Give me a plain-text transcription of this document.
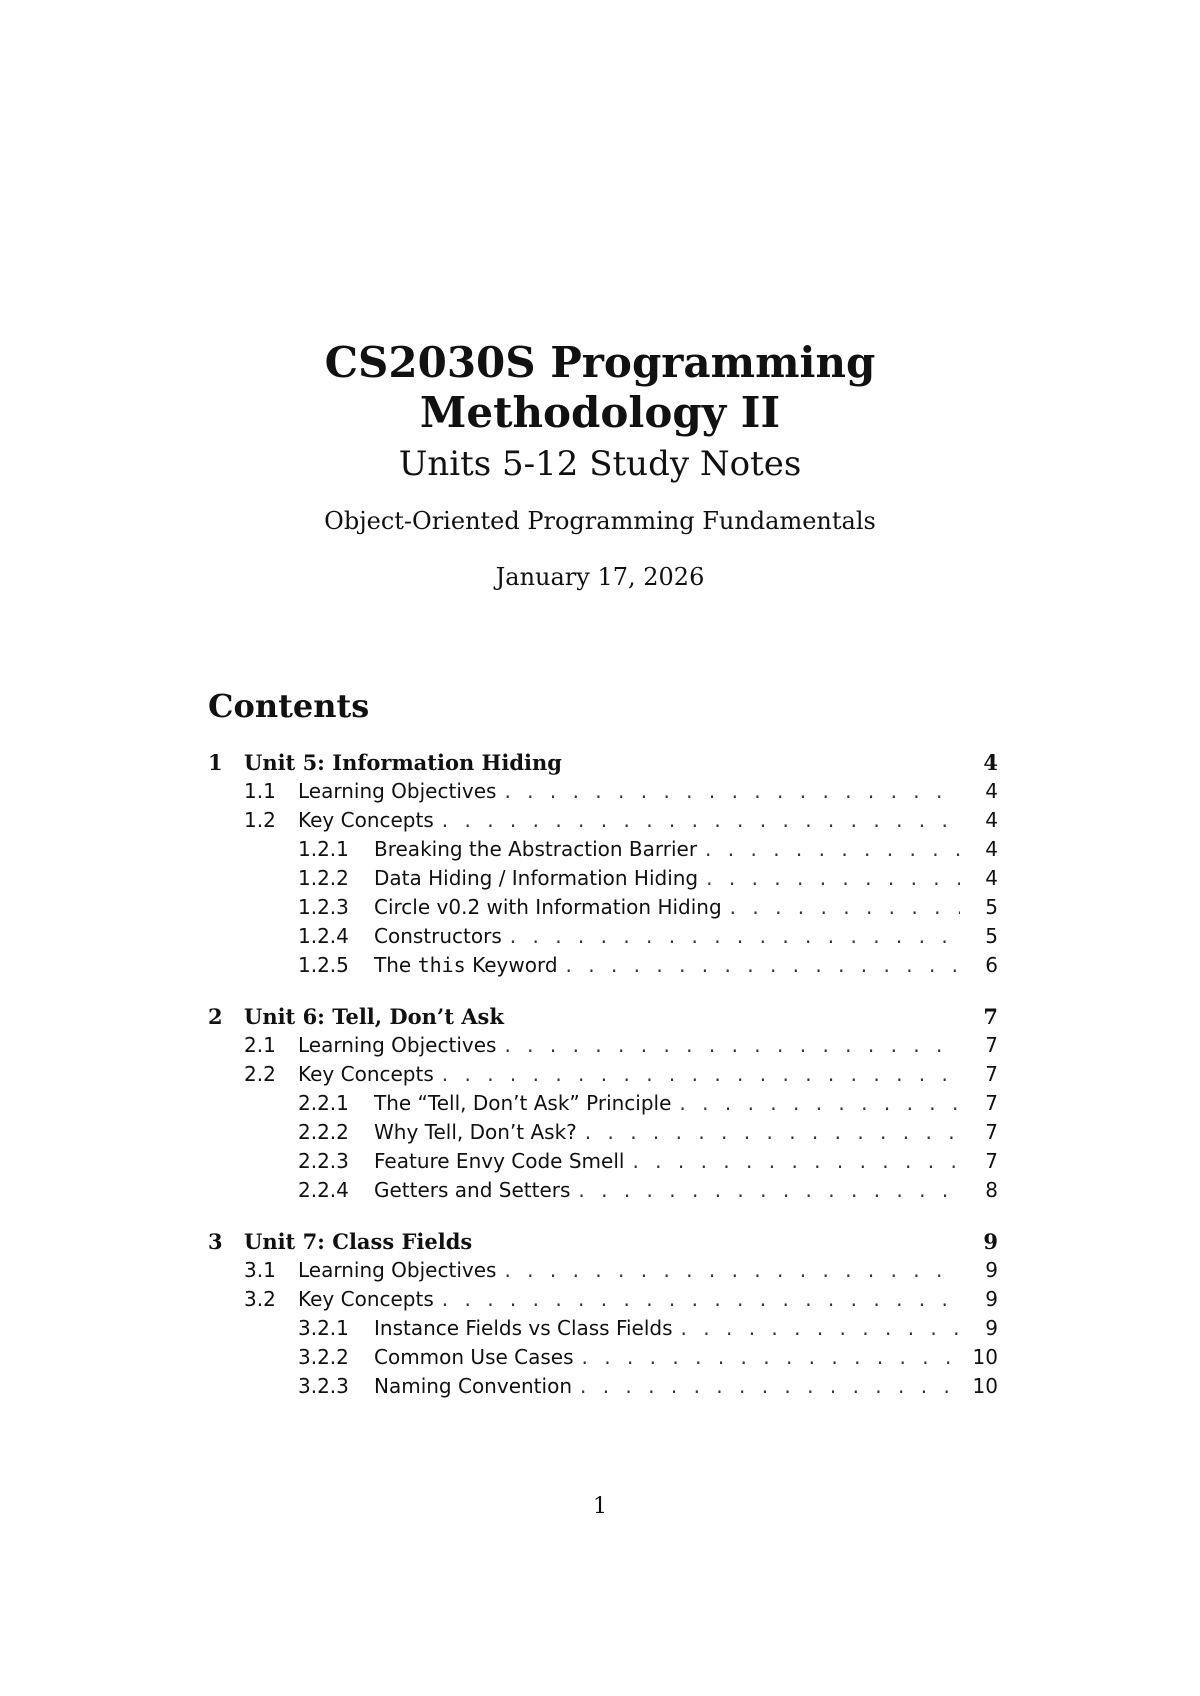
CS2030S Programming Methodology II
Units 5-12 Study Notes
Object-Oriented Programming Fundamentals
January 17, 2026
Contents
1	Unit 5: Information Hiding	4
1.1	Learning Objectives . . .	4
1.2	Key Concepts . . .	4
1.2.1	Breaking the Abstraction Barrier . . .	4
1.2.2	Data Hiding / Information Hiding . . .	4
1.2.3	Circle v0.2 with Information Hiding . . .	5
1.2.4	Constructors . . .	5
1.2.5	The this Keyword . . .	6
2	Unit 6: Tell, Don’t Ask	7
2.1	Learning Objectives . . .	7
2.2	Key Concepts . . .	7
2.2.1	The “Tell, Don’t Ask” Principle . . .	7
2.2.2	Why Tell, Don’t Ask? . . .	7
2.2.3	Feature Envy Code Smell . . .	7
2.2.4	Getters and Setters . . .	8
3	Unit 7: Class Fields	9
3.1	Learning Objectives . . .	9
3.2	Key Concepts . . .	9
3.2.1	Instance Fields vs Class Fields . . .	9
3.2.2	Common Use Cases . . .	10
3.2.3	Naming Convention . . .	10
1
